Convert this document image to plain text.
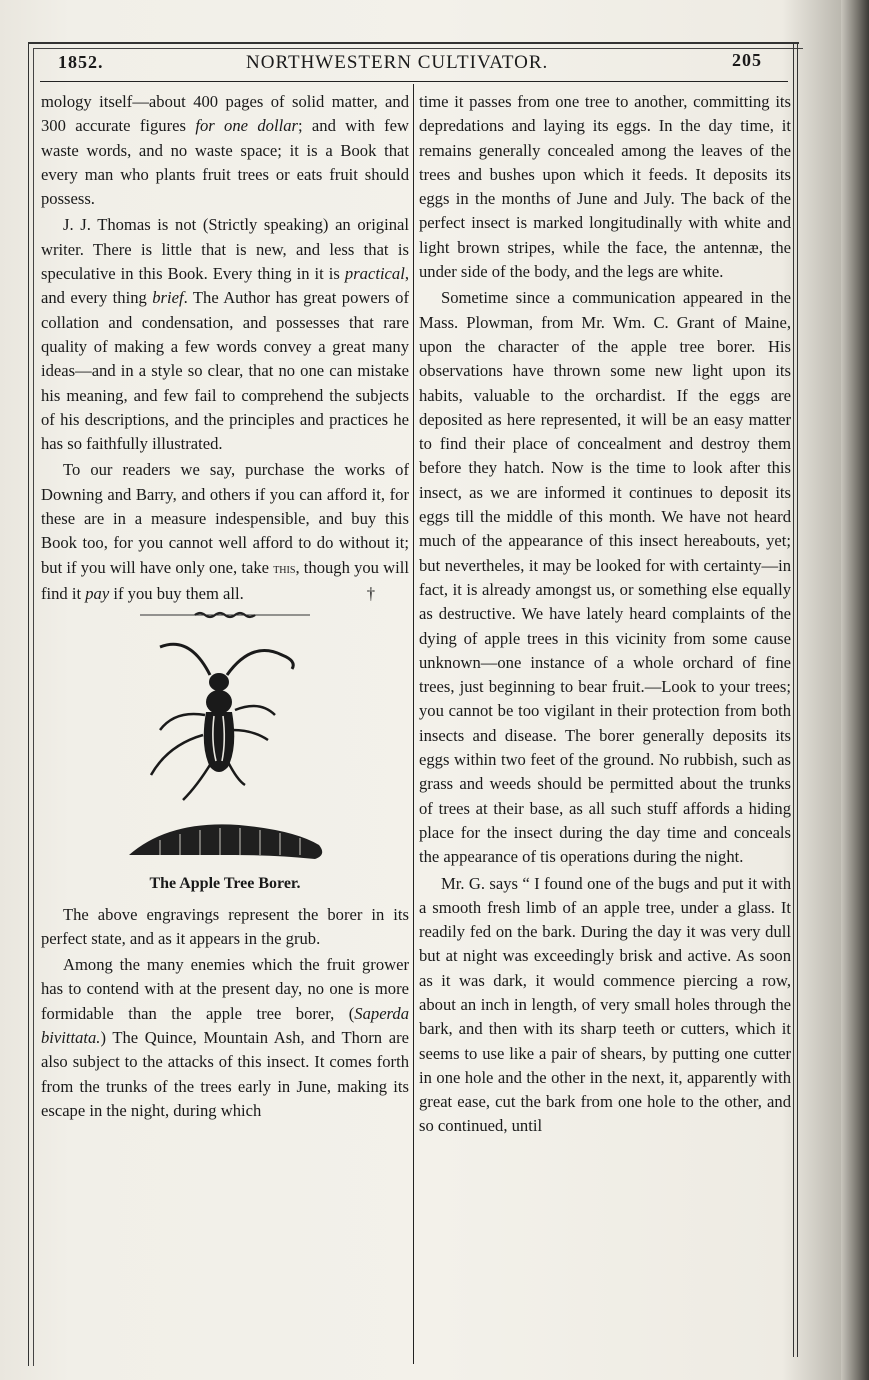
1852.	NORTHWESTERN CULTIVATOR.	205

mology itself—about 400 pages of solid matter, and 300 accurate figures for one dollar; and with few waste words, and no waste space; it is a Book that every man who plants fruit trees or eats fruit should possess.

J. J. Thomas is not (Strictly speaking) an original writer. There is little that is new, and less that is speculative in this Book. Every thing in it is practical, and every thing brief. The Author has great powers of collation and condensation, and possesses that rare quality of making a few words convey a great many ideas—and in a style so clear, that no one can mistake his meaning, and few fail to comprehend the subjects of his descriptions, and the principles and practices he has so faithfully illustrated.

To our readers we say, purchase the works of Downing and Barry, and others if you can afford it, for these are in a measure indespensible, and buy this Book too, for you cannot well afford to do without it; but if you will have only one, take this, though you will find it pay if you buy them all.	†

The Apple Tree Borer.

The above engravings represent the borer in its perfect state, and as it appears in the grub.

Among the many enemies which the fruit grower has to contend with at the present day, no one is more formidable than the apple tree borer, (Saperda bivittata.) The Quince, Mountain Ash, and Thorn are also subject to the attacks of this insect. It comes forth from the trunks of the trees early in June, making its escape in the night, during which

time it passes from one tree to another, committing its depredations and laying its eggs. In the day time, it remains generally concealed among the leaves of the trees and bushes upon which it feeds. It deposits its eggs in the months of June and July. The back of the perfect insect is marked longitudinally with white and light brown stripes, while the face, the antennæ, the under side of the body, and the legs are white.

Sometime since a communication appeared in the Mass. Plowman, from Mr. Wm. C. Grant of Maine, upon the character of the apple tree borer. His observations have thrown some new light upon its habits, valuable to the orchardist. If the eggs are deposited as here represented, it will be an easy matter to find their place of concealment and destroy them before they hatch. Now is the time to look after this insect, as we are informed it continues to deposit its eggs till the middle of this month. We have not heard much of the appearance of this insect hereabouts, yet; but nevertheles, it may be looked for with certainty—in fact, it is already amongst us, or something else equally as destructive. We have lately heard complaints of the dying of apple trees in this vicinity from some cause unknown—one instance of a whole orchard of fine trees, just beginning to bear fruit.—Look to your trees; you cannot be too vigilant in their protection from both insects and disease. The borer generally deposits its eggs within two feet of the ground. No rubbish, such as grass and weeds should be permitted about the trunks of trees at their base, as all such stuff affords a hiding place for the insect during the day time and conceals the appearance of tis operations during the night.

Mr. G. says “ I found one of the bugs and put it with a smooth fresh limb of an apple tree, under a glass. It readily fed on the bark. During the day it was very dull but at night was exceedingly brisk and active. As soon as it was dark, it would commence piercing a row, about an inch in length, of very small holes through the bark, and then with its sharp teeth or cutters, which it seems to use like a pair of shears, by putting one cutter in one hole and the other in the next, it, apparently with great ease, cut the bark from one hole to the other, and so continued, until
